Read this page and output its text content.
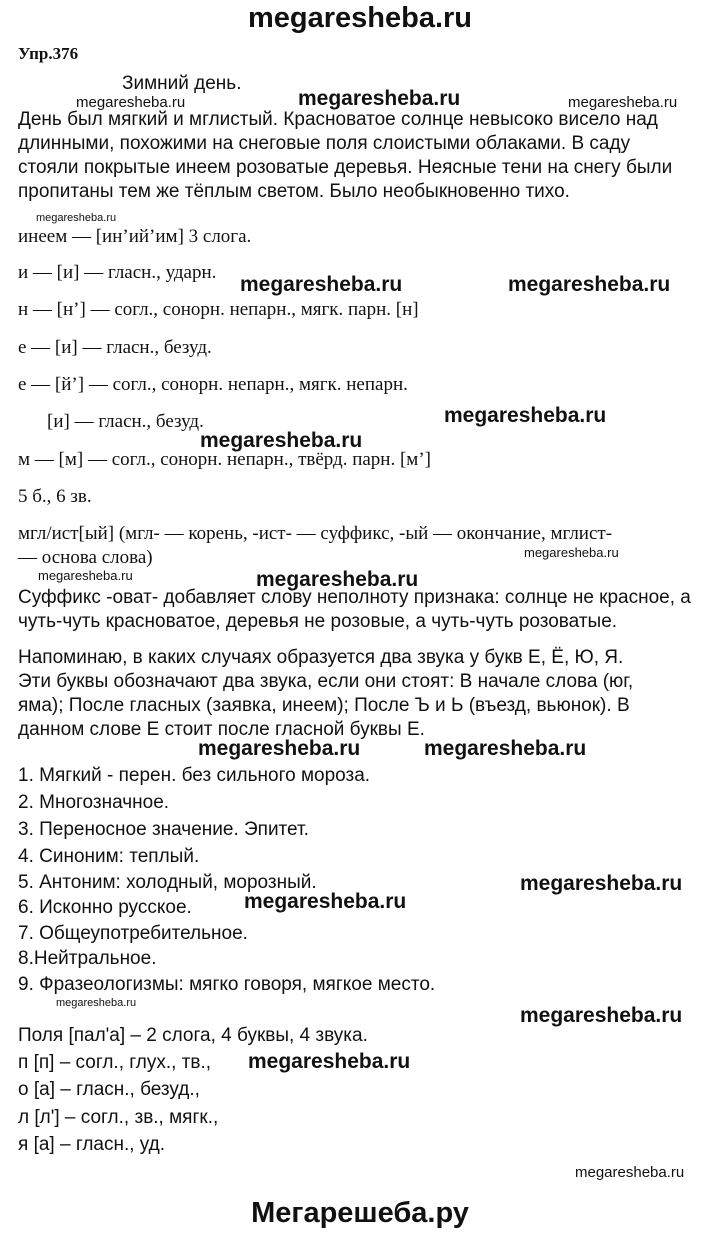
megaresheba.ru
Упр.376
Зимний день.
День был мягкий и мглистый. Красноватое солнце невысоко висело над
длинными, похожими на снеговые поля слоистыми облаками. В саду
стояли покрытые инеем розоватые деревья. Неясные тени на снегу были
пропитаны тем же тёплым светом. Было необыкновенно тихо.
инеем — [ин’ий’им] 3 слога.
и — [и] — гласн., ударн.
н — [н’] — согл., сонорн. непарн., мягк. парн. [н]
е — [и] — гласн., безуд.
е — [й’] — согл., сонорн. непарн., мягк. непарн.
[и] — гласн., безуд.
м — [м] — согл., сонорн. непарн., твёрд. парн. [м’]
5 б., 6 зв.
мгл/ист[ый] (мгл- — корень, -ист- — суффикс, -ый — окончание, мглист-
— основа слова)
Суффикс -оват- добавляет слову неполноту признака: солнце не красное, а
чуть-чуть красноватое, деревья не розовые, а чуть-чуть розоватые.
Напоминаю, в каких случаях образуется два звука у букв Е, Ё, Ю, Я.
Эти буквы обозначают два звука, если они стоят: В начале слова (юг,
яма); После гласных (заявка, инеем); После Ъ и Ь (въезд, вьюнок). В
данном слове Е стоит после гласной буквы Е.
1. Мягкий - перен. без сильного мороза.
2. Многозначное.
3. Переносное значение. Эпитет.
4. Синоним: теплый.
5. Антоним: холодный, морозный.
6. Исконно русское.
7. Общеупотребительное.
8.Нейтральное.
9. Фразеологизмы: мягко говоря, мягкое место.
Поля [пал'а] – 2 слога, 4 буквы, 4 звука.
п [п] – согл., глух., тв.,
о [а] – гласн., безуд.,
л [л'] – согл., зв., мягк.,
я [а] – гласн., уд.
megaresheba.ru	megaresheba.ru
megaresheba.ru
megaresheba.ru
megaresheba.ru
megaresheba.ru
megaresheba.ru
megaresheba.ru
megaresheba.ru	megaresheba.ru
megaresheba.ru
megaresheba.ru
megaresheba.ru
megaresheba.ru	megaresheba.ru
megaresheba.ru
megaresheba.ru
megaresheba.ru
megaresheba.ru
Мегарешеба.ру
